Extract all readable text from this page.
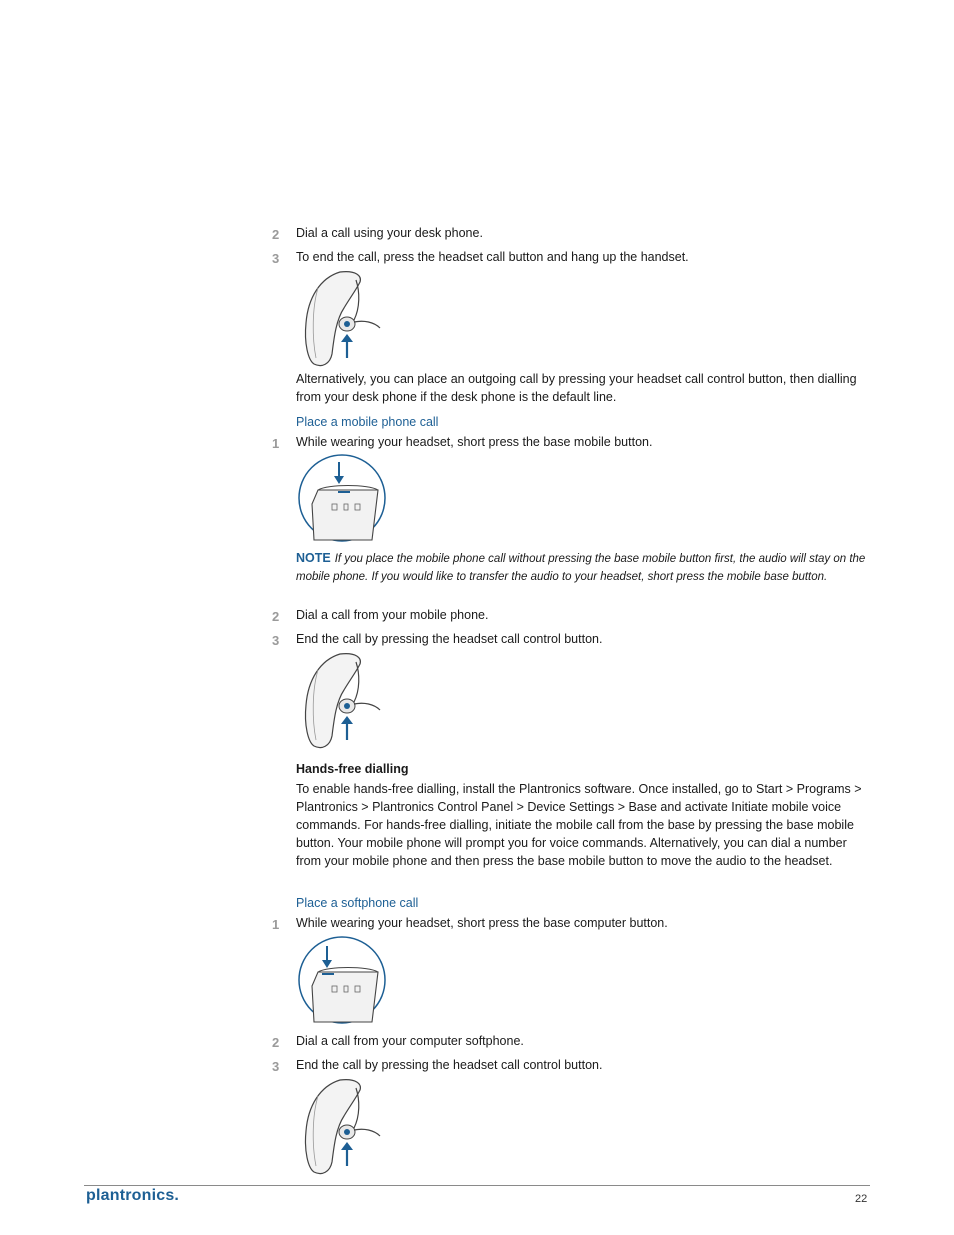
2 Dial a call using your desk phone.
3 To end the call, press the headset call button and hang up the handset.
Alternatively, you can place an outgoing call by pressing your headset call control button, then dialling from your desk phone if the desk phone is the default line.
Place a mobile phone call
1 While wearing your headset, short press the base mobile button.
NOTE If you place the mobile phone call without pressing the base mobile button first, the audio will stay on the mobile phone. If you would like to transfer the audio to your headset, short press the mobile base button.
2 Dial a call from your mobile phone.
3 End the call by pressing the headset call control button.
Hands-free dialling
To enable hands-free dialling, install the Plantronics software. Once installed, go to Start > Programs > Plantronics > Plantronics Control Panel > Device Settings > Base and activate Initiate mobile voice commands. For hands-free dialling, initiate the mobile call from the base by pressing the base mobile button. Your mobile phone will prompt you for voice commands. Alternatively, you can dial a number from your mobile phone and then press the base mobile button to move the audio to the headset.
Place a softphone call
1 While wearing your headset, short press the base computer button.
2 Dial a call from your computer softphone.
3 End the call by pressing the headset call control button.
plantronics.	22
